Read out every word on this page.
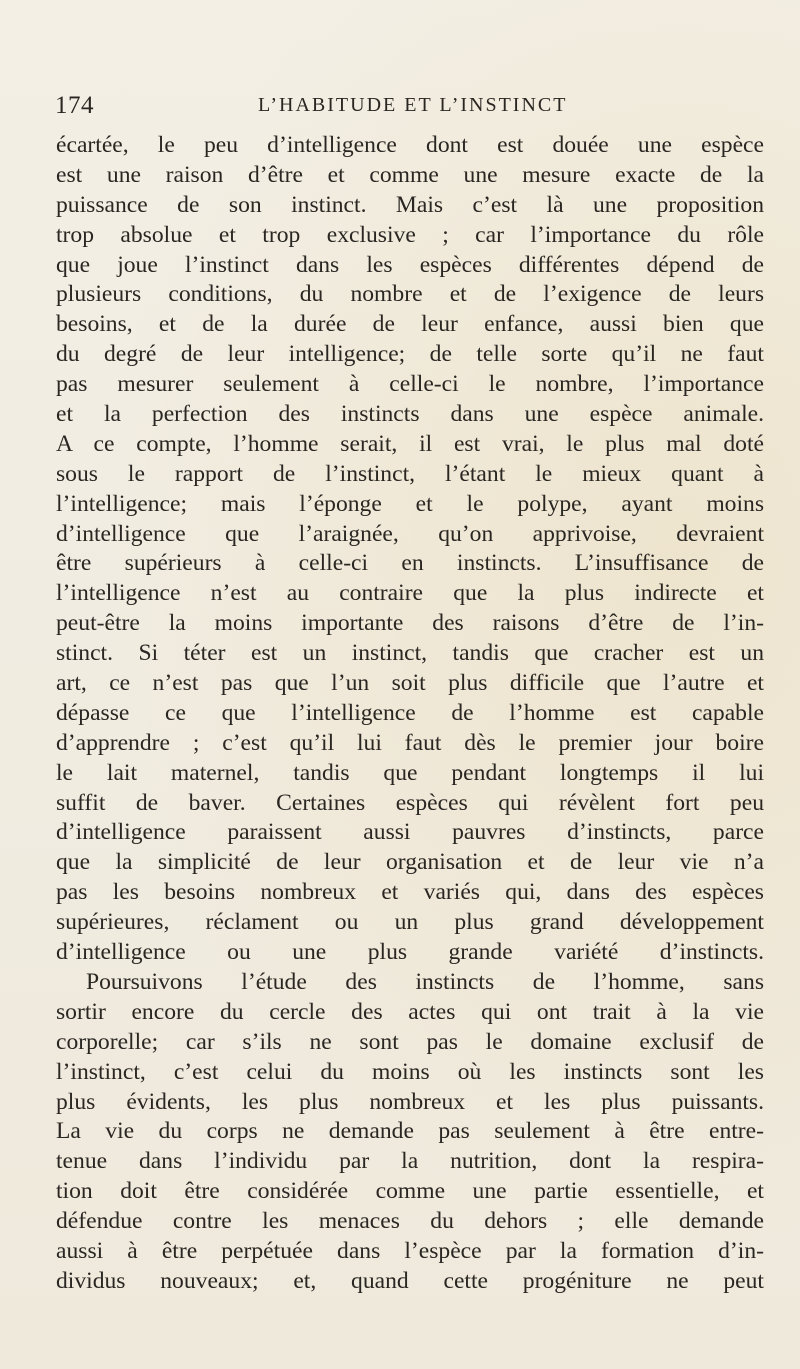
174	L’HABITUDE ET L’INSTINCT
écartée, le peu d’intelligence dont est douée une espèce
est une raison d’être et comme une mesure exacte de la
puissance de son instinct. Mais c’est là une proposition
trop absolue et trop exclusive ; car l’importance du rôle
que joue l’instinct dans les espèces différentes dépend de
plusieurs conditions, du nombre et de l’exigence de leurs
besoins, et de la durée de leur enfance, aussi bien que
du degré de leur intelligence; de telle sorte qu’il ne faut
pas mesurer seulement à celle-ci le nombre, l’importance
et la perfection des instincts dans une espèce animale.
A ce compte, l’homme serait, il est vrai, le plus mal doté
sous le rapport de l’instinct, l’étant le mieux quant à
l’intelligence; mais l’éponge et le polype, ayant moins
d’intelligence que l’araignée, qu’on apprivoise, devraient
être supérieurs à celle-ci en instincts. L’insuffisance de
l’intelligence n’est au contraire que la plus indirecte et
peut-être la moins importante des raisons d’être de l’in-
stinct. Si téter est un instinct, tandis que cracher est un
art, ce n’est pas que l’un soit plus difficile que l’autre et
dépasse ce que l’intelligence de l’homme est capable
d’apprendre ; c’est qu’il lui faut dès le premier jour boire
le lait maternel, tandis que pendant longtemps il lui
suffit de baver. Certaines espèces qui révèlent fort peu
d’intelligence paraissent aussi pauvres d’instincts, parce
que la simplicité de leur organisation et de leur vie n’a
pas les besoins nombreux et variés qui, dans des espèces
supérieures, réclament ou un plus grand développement
d’intelligence ou une plus grande variété d’instincts.
Poursuivons l’étude des instincts de l’homme, sans
sortir encore du cercle des actes qui ont trait à la vie
corporelle; car s’ils ne sont pas le domaine exclusif de
l’instinct, c’est celui du moins où les instincts sont les
plus évidents, les plus nombreux et les plus puissants.
La vie du corps ne demande pas seulement à être entre-
tenue dans l’individu par la nutrition, dont la respira-
tion doit être considérée comme une partie essentielle, et
défendue contre les menaces du dehors ; elle demande
aussi à être perpétuée dans l’espèce par la formation d’in-
dividus nouveaux; et, quand cette progéniture ne peut
